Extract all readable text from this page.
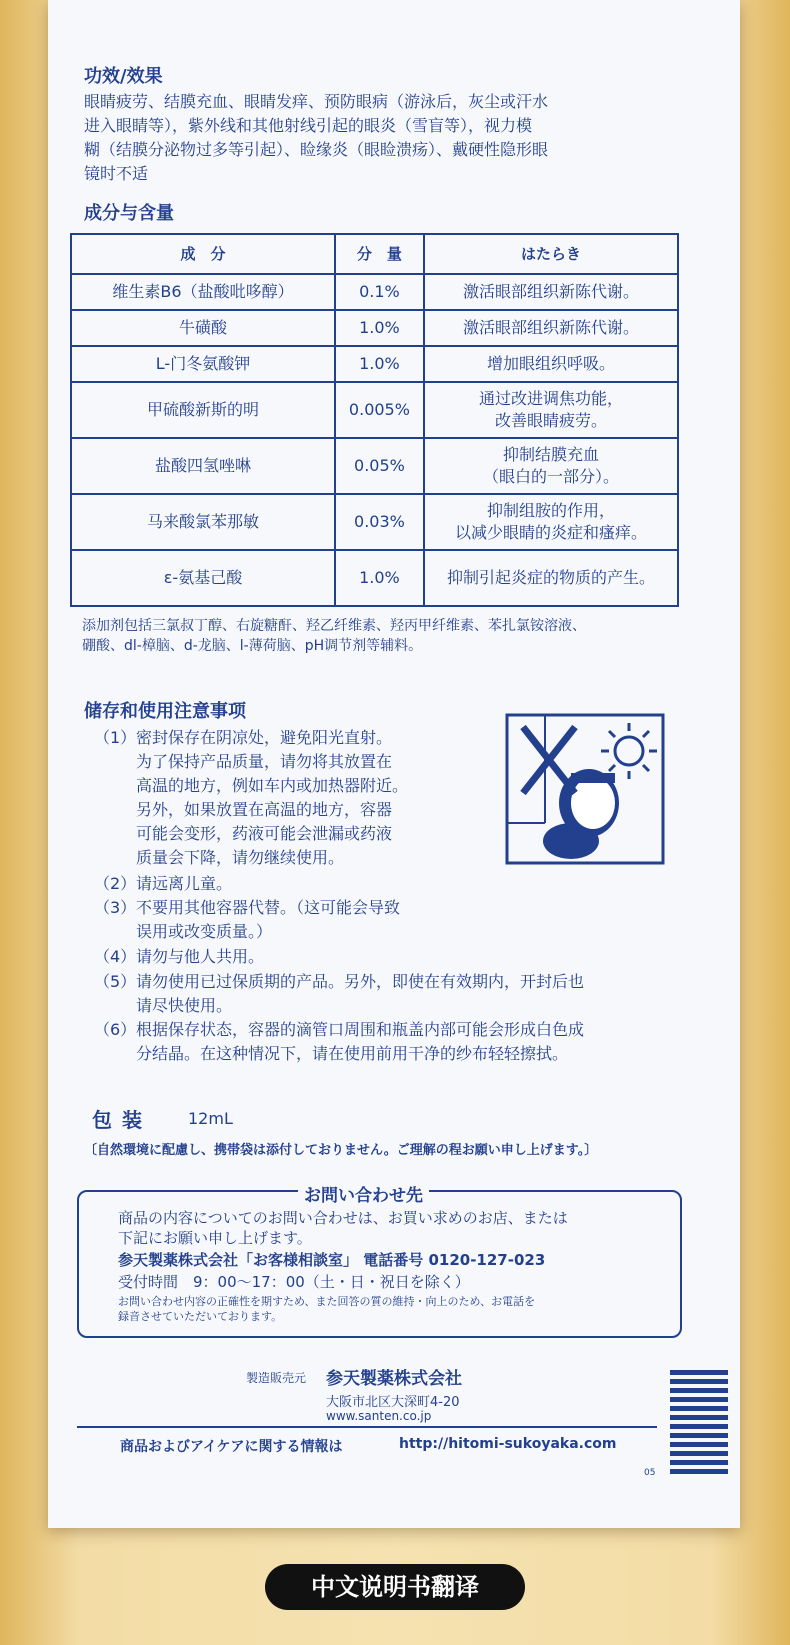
功效/效果
眼睛疲劳、结膜充血、眼睛发痒、预防眼病（游泳后，灰尘或汗水
进入眼睛等），紫外线和其他射线引起的眼炎（雪盲等），视力模
糊（结膜分泌物过多等引起）、睑缘炎（眼睑溃疡）、戴硬性隐形眼
镜时不适
成分与含量
成　分	分　量	はたらき
维生素B6（盐酸吡哆醇）	0.1%	激活眼部组织新陈代谢。
牛磺酸	1.0%	激活眼部组织新陈代谢。
L-门冬氨酸钾	1.0%	增加眼组织呼吸。
甲硫酸新斯的明	0.005%	通过改进调焦功能，
改善眼睛疲劳。

盐酸四氢唑啉	0.05%	抑制结膜充血
（眼白的一部分）。

马来酸氯苯那敏	0.03%	抑制组胺的作用，
以减少眼睛的炎症和瘙痒。

ε-氨基己酸	1.0%	抑制引起炎症的物质的产生。
添加剂包括三氯叔丁醇、右旋糖酐、羟乙纤维素、羟丙甲纤维素、苯扎氯铵溶液、
硼酸、dl-樟脑、d-龙脑、l-薄荷脑、pH调节剂等辅料。
储存和使用注意事项
（1） 密封保存在阴凉处，避免阳光直射。
为了保持产品质量，请勿将其放置在
高温的地方，例如车内或加热器附近。
另外，如果放置在高温的地方，容器
可能会变形，药液可能会泄漏或药液
质量会下降，请勿继续使用。
（2） 请远离儿童。
（3） 不要用其他容器代替。（这可能会导致
误用或改变质量。）
（4） 请勿与他人共用。
（5） 请勿使用已过保质期的产品。另外，即使在有效期内，开封后也
请尽快使用。
（6） 根据保存状态，容器的滴管口周围和瓶盖内部可能会形成白色成
分结晶。在这种情况下，请在使用前用干净的纱布轻轻擦拭。
包装 12mL
〔自然環境に配慮し、携帯袋は添付しておりません。ご理解の程お願い申し上げます。〕
お問い合わせ先
商品の内容についてのお問い合わせは、お買い求めのお店、または
下記にお願い申し上げます。
参天製薬株式会社「お客様相談室」 電話番号 0120-127-023
受付時間　9：00～17：00（土・日・祝日を除く）
お問い合わせ内容の正確性を期すため、また回答の質の維持・向上のため、お電話を
録音させていただいております。
製造販売元 参天製薬株式会社
大阪市北区大深町4-20
www.santen.co.jp
商品およびアイケアに関する情報は	http://hitomi-sukoyaka.com
05
中文说明书翻译
